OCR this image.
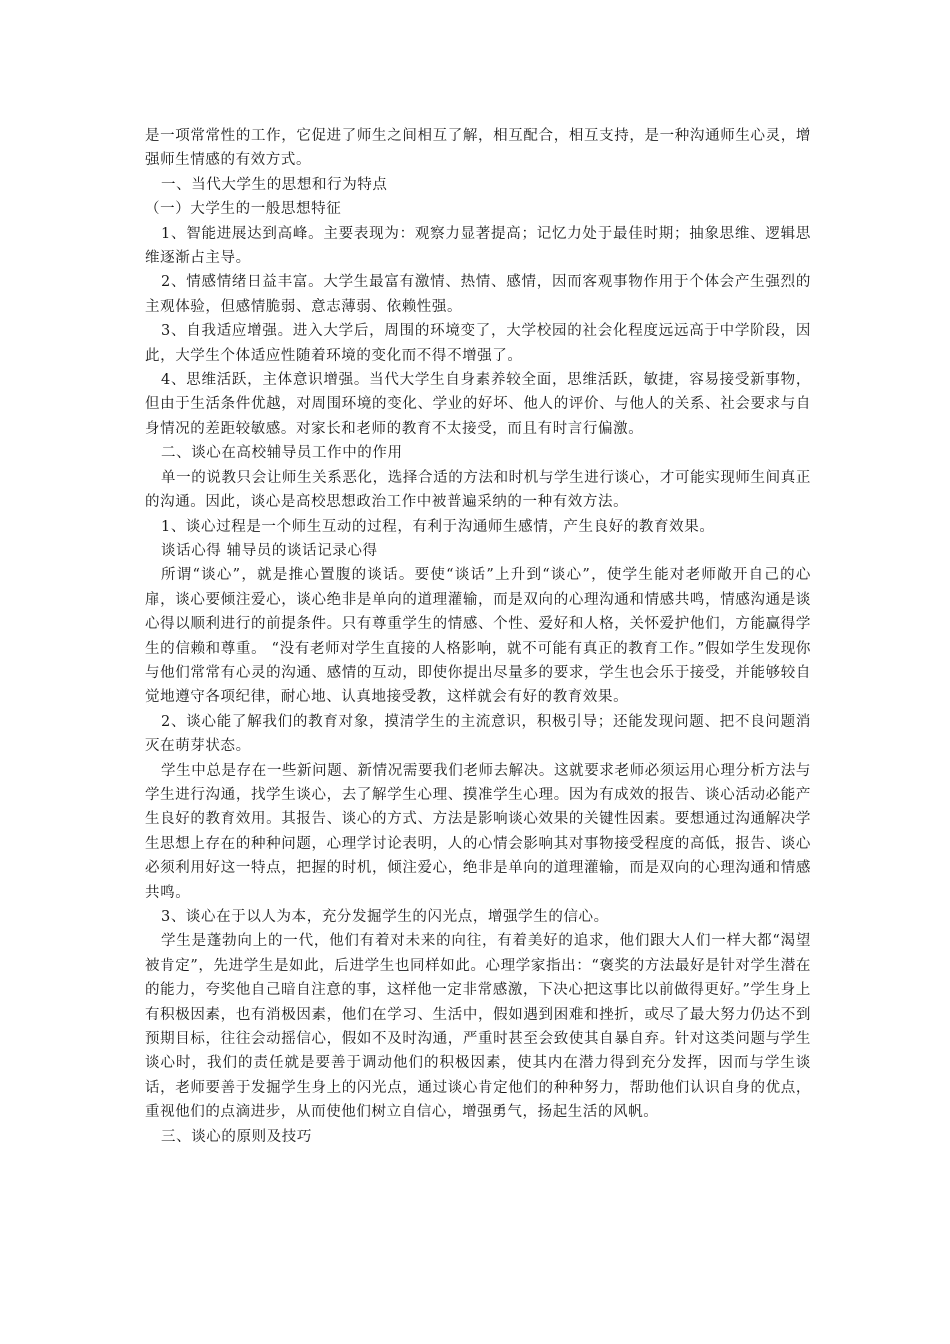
是一项常常性的工作，它促进了师生之间相互了解，相互配合，相互支持，是一种沟通师生心灵，增强师生情感的有效方式。

一、当代大学生的思想和行为特点

（一）大学生的一般思想特征

1、智能进展达到高峰。主要表现为：观察力显著提高；记忆力处于最佳时期；抽象思维、逻辑思维逐渐占主导。

2、情感情绪日益丰富。大学生最富有激情、热情、感情，因而客观事物作用于个体会产生强烈的主观体验，但感情脆弱、意志薄弱、依赖性强。

3、自我适应增强。进入大学后，周围的环境变了，大学校园的社会化程度远远高于中学阶段，因此，大学生个体适应性随着环境的变化而不得不增强了。

4、思维活跃，主体意识增强。当代大学生自身素养较全面，思维活跃，敏捷，容易接受新事物，但由于生活条件优越，对周围环境的变化、学业的好坏、他人的评价、与他人的关系、社会要求与自身情况的差距较敏感。对家长和老师的教育不太接受，而且有时言行偏激。

二、谈心在高校辅导员工作中的作用

单一的说教只会让师生关系恶化，选择合适的方法和时机与学生进行谈心，才可能实现师生间真正的沟通。因此，谈心是高校思想政治工作中被普遍采纳的一种有效方法。

1、谈心过程是一个师生互动的过程，有利于沟通师生感情，产生良好的教育效果。

谈话心得 辅导员的谈话记录心得

所谓“谈心”，就是推心置腹的谈话。要使“谈话”上升到“谈心”，使学生能对老师敞开自己的心扉，谈心要倾注爱心，谈心绝非是单向的道理灌输，而是双向的心理沟通和情感共鸣，情感沟通是谈心得以顺利进行的前提条件。只有尊重学生的情感、个性、爱好和人格，关怀爱护他们，方能赢得学生的信赖和尊重。 “没有老师对学生直接的人格影响，就不可能有真正的教育工作。”假如学生发现你与他们常常有心灵的沟通、感情的互动，即使你提出尽量多的要求，学生也会乐于接受，并能够较自觉地遵守各项纪律，耐心地、认真地接受教，这样就会有好的教育效果。

2、谈心能了解我们的教育对象，摸清学生的主流意识，积极引导；还能发现问题、把不良问题消灭在萌芽状态。

学生中总是存在一些新问题、新情况需要我们老师去解决。这就要求老师必须运用心理分析方法与学生进行沟通，找学生谈心，去了解学生心理、摸准学生心理。因为有成效的报告、谈心活动必能产生良好的教育效用。其报告、谈心的方式、方法是影响谈心效果的关键性因素。要想通过沟通解决学生思想上存在的种种问题，心理学讨论表明，人的心情会影响其对事物接受程度的高低，报告、谈心必须利用好这一特点，把握的时机，倾注爱心，绝非是单向的道理灌输，而是双向的心理沟通和情感共鸣。

3、谈心在于以人为本，充分发掘学生的闪光点，增强学生的信心。

学生是蓬勃向上的一代，他们有着对未来的向往，有着美好的追求，他们跟大人们一样大都“渴望被肯定”，先进学生是如此，后进学生也同样如此。心理学家指出：“褒奖的方法最好是针对学生潜在的能力，夸奖他自己暗自注意的事，这样他一定非常感激，下决心把这事比以前做得更好。”学生身上有积极因素，也有消极因素，他们在学习、生活中，假如遇到困难和挫折，或尽了最大努力仍达不到预期目标，往往会动摇信心，假如不及时沟通，严重时甚至会致使其自暴自弃。针对这类问题与学生谈心时，我们的责任就是要善于调动他们的积极因素，使其内在潜力得到充分发挥，因而与学生谈话，老师要善于发掘学生身上的闪光点，通过谈心肯定他们的种种努力，帮助他们认识自身的优点，重视他们的点滴进步，从而使他们树立自信心，增强勇气，扬起生活的风帆。

三、谈心的原则及技巧
